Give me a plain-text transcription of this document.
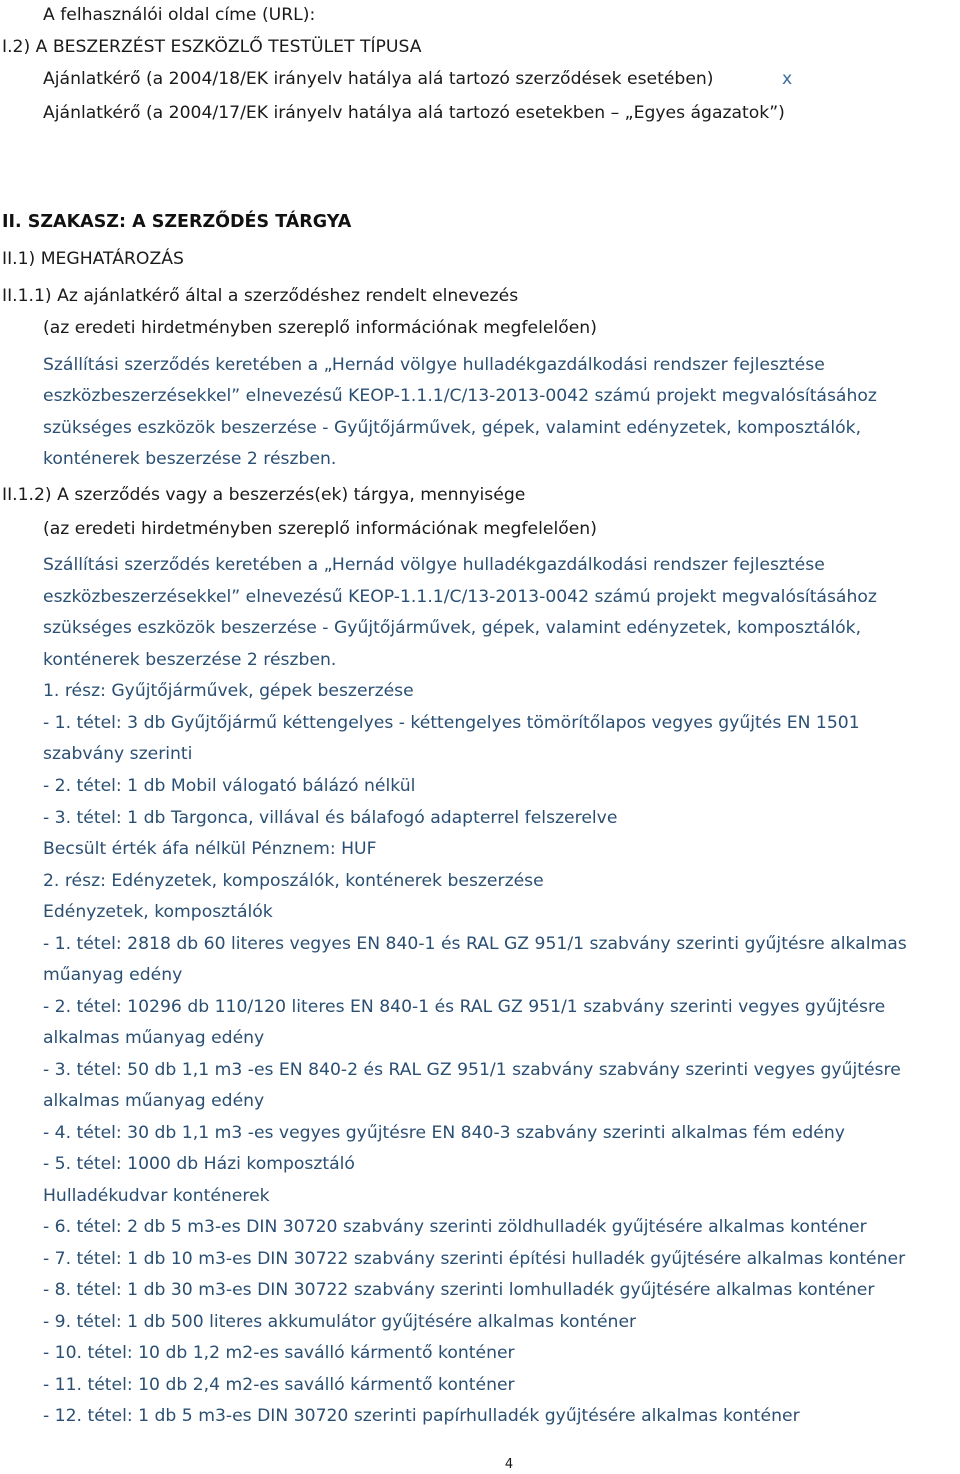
A felhasználói oldal címe (URL):
I.2) A BESZERZÉST ESZKÖZLŐ TESTÜLET TÍPUSA
Ajánlatkérő (a 2004/18/EK irányelv hatálya alá tartozó szerződések esetében)	x
Ajánlatkérő (a 2004/17/EK irányelv hatálya alá tartozó esetekben – „Egyes ágazatok”)
II. SZAKASZ: A SZERZŐDÉS TÁRGYA
II.1) MEGHATÁROZÁS
II.1.1) Az ajánlatkérő által a szerződéshez rendelt elnevezés
(az eredeti hirdetményben szereplő információnak megfelelően)
Szállítási szerződés keretében a „Hernád völgye hulladékgazdálkodási rendszer fejlesztése
eszközbeszerzésekkel” elnevezésű KEOP-1.1.1/C/13-2013-0042 számú projekt megvalósításához
szükséges eszközök beszerzése - Gyűjtőjárművek, gépek, valamint edényzetek, komposztálók,
konténerek beszerzése 2 részben.
II.1.2) A szerződés vagy a beszerzés(ek) tárgya, mennyisége
(az eredeti hirdetményben szereplő információnak megfelelően)
Szállítási szerződés keretében a „Hernád völgye hulladékgazdálkodási rendszer fejlesztése
eszközbeszerzésekkel” elnevezésű KEOP-1.1.1/C/13-2013-0042 számú projekt megvalósításához
szükséges eszközök beszerzése - Gyűjtőjárművek, gépek, valamint edényzetek, komposztálók,
konténerek beszerzése 2 részben.
1. rész: Gyűjtőjárművek, gépek beszerzése
- 1. tétel: 3 db Gyűjtőjármű kéttengelyes - kéttengelyes tömörítőlapos vegyes gyűjtés EN 1501
szabvány szerinti
- 2. tétel: 1 db Mobil válogató bálázó nélkül
- 3. tétel: 1 db Targonca, villával és bálafogó adapterrel felszerelve
Becsült érték áfa nélkül Pénznem: HUF
2. rész: Edényzetek, komposzálók, konténerek beszerzése
Edényzetek, komposztálók
- 1. tétel: 2818 db 60 literes vegyes EN 840-1 és RAL GZ 951/1 szabvány szerinti gyűjtésre alkalmas
műanyag edény
- 2. tétel: 10296 db 110/120 literes EN 840-1 és RAL GZ 951/1 szabvány szerinti vegyes gyűjtésre
alkalmas műanyag edény
- 3. tétel: 50 db 1,1 m3 -es EN 840-2 és RAL GZ 951/1 szabvány szabvány szerinti vegyes gyűjtésre
alkalmas műanyag edény
- 4. tétel: 30 db 1,1 m3 -es vegyes gyűjtésre EN 840-3 szabvány szerinti alkalmas fém edény
- 5. tétel: 1000 db Házi komposztáló
Hulladékudvar konténerek
- 6. tétel: 2 db 5 m3-es DIN 30720 szabvány szerinti zöldhulladék gyűjtésére alkalmas konténer
- 7. tétel: 1 db 10 m3-es DIN 30722 szabvány szerinti építési hulladék gyűjtésére alkalmas konténer
- 8. tétel: 1 db 30 m3-es DIN 30722 szabvány szerinti lomhulladék gyűjtésére alkalmas konténer
- 9. tétel: 1 db 500 literes akkumulátor gyűjtésére alkalmas konténer
- 10. tétel: 10 db 1,2 m2-es saválló kármentő konténer
- 11. tétel: 10 db 2,4 m2-es saválló kármentő konténer
- 12. tétel: 1 db 5 m3-es DIN 30720 szerinti papírhulladék gyűjtésére alkalmas konténer
4
